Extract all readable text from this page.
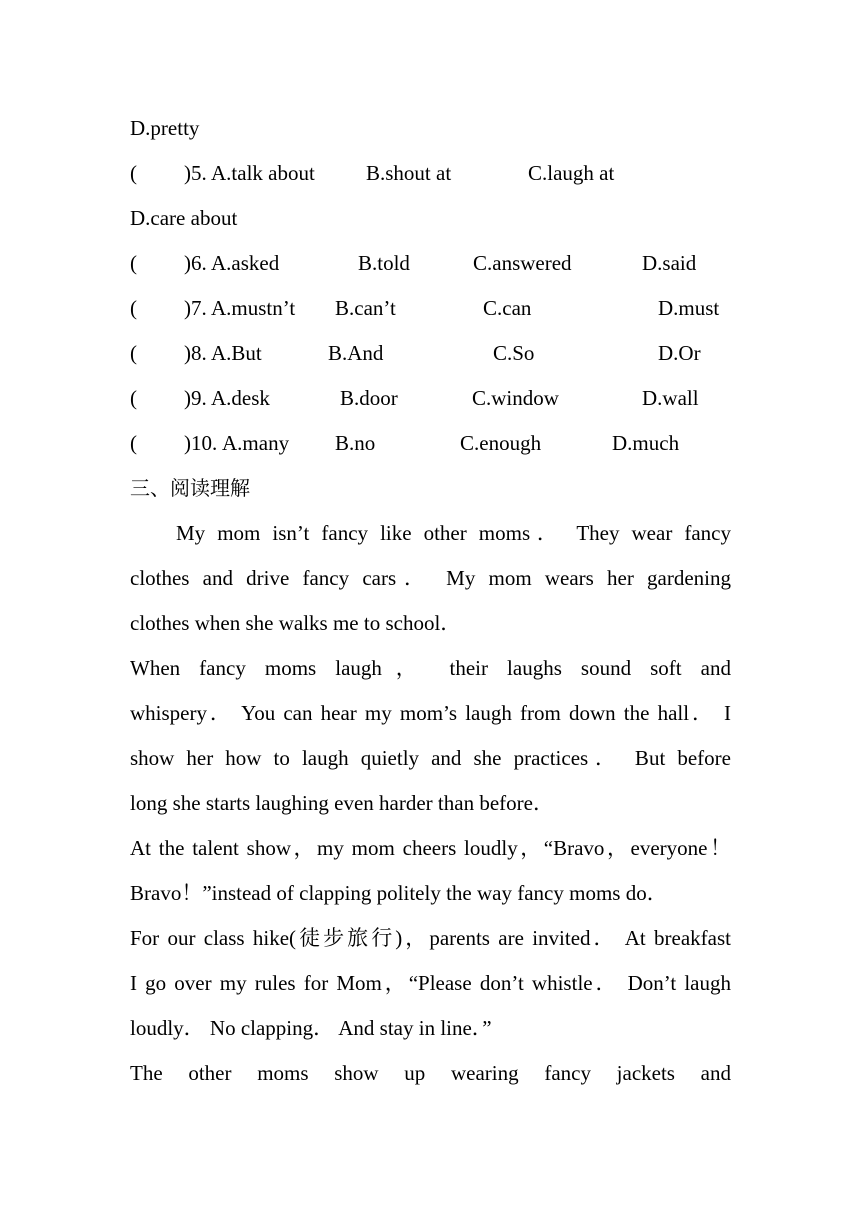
D.pretty
( )5. A.talk about B.shout at	C.laugh at
D.care about
( )6. A.asked	B.told	C.answered	D.said
( )7. A.mustn’t B.can’t	C.can	D.must
( )8. A.But	B.And	C.So	D.Or
( )9. A.desk	B.door	C.window	D.wall
( )10. A.many B.no	C.enough	D.much
三、阅读理解
My mom isn’t fancy like other moms． They wear fancy
clothes and drive fancy cars． My mom wears her gardening
clothes when she walks me to school．
When fancy moms laugh， their laughs sound soft and
whispery． You can hear my mom’s laugh from down the hall． I
show her how to laugh quietly and she practices． But before
long she starts laughing even harder than before．
At the talent show，my mom cheers loudly，“Bravo，everyone！
Bravo！”instead of clapping politely the way fancy moms do．
For our class hike(徒步旅行)，parents are invited． At breakfast
I go over my rules for Mom，“Please don’t whistle． Don’t laugh
loudly． No clapping． And stay in line．”
The other moms show up wearing fancy jackets and
